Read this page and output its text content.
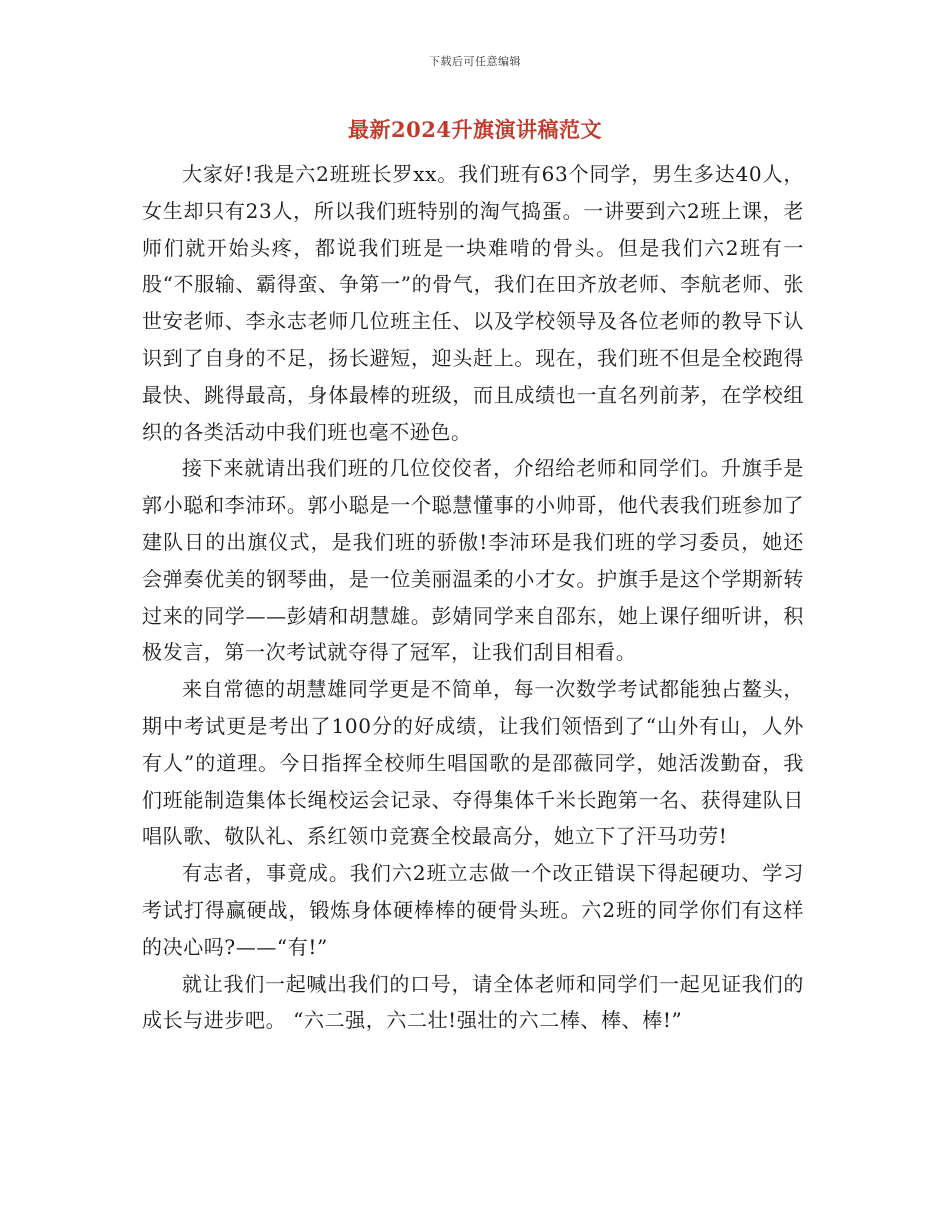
下载后可任意编辑
最新2024升旗演讲稿范文

大家好!我是六2班班长罗xx。我们班有63个同学，男生多达40人，女生却只有23人，所以我们班特别的淘气捣蛋。一讲要到六2班上课，老师们就开始头疼，都说我们班是一块难啃的骨头。但是我们六2班有一股“不服输、霸得蛮、争第一”的骨气，我们在田齐放老师、李航老师、张世安老师、李永志老师几位班主任、以及学校领导及各位老师的教导下认识到了自身的不足，扬长避短，迎头赶上。现在，我们班不但是全校跑得最快、跳得最高，身体最棒的班级，而且成绩也一直名列前茅，在学校组织的各类活动中我们班也毫不逊色。

接下来就请出我们班的几位佼佼者，介绍给老师和同学们。升旗手是郭小聪和李沛环。郭小聪是一个聪慧懂事的小帅哥，他代表我们班参加了建队日的出旗仪式，是我们班的骄傲!李沛环是我们班的学习委员，她还会弹奏优美的钢琴曲，是一位美丽温柔的小才女。护旗手是这个学期新转过来的同学——彭婧和胡慧雄。彭婧同学来自邵东，她上课仔细听讲，积极发言，第一次考试就夺得了冠军，让我们刮目相看。

来自常德的胡慧雄同学更是不简单，每一次数学考试都能独占鳌头，期中考试更是考出了100分的好成绩，让我们领悟到了“山外有山，人外有人”的道理。今日指挥全校师生唱国歌的是邵薇同学，她活泼勤奋，我们班能制造集体长绳校运会记录、夺得集体千米长跑第一名、获得建队日唱队歌、敬队礼、系红领巾竞赛全校最高分，她立下了汗马功劳!

有志者，事竟成。我们六2班立志做一个改正错误下得起硬功、学习考试打得赢硬战，锻炼身体硬棒棒的硬骨头班。六2班的同学你们有这样的决心吗?——“有!”

就让我们一起喊出我们的口号，请全体老师和同学们一起见证我们的成长与进步吧。 “六二强，六二壮!强壮的六二棒、棒、棒!”
